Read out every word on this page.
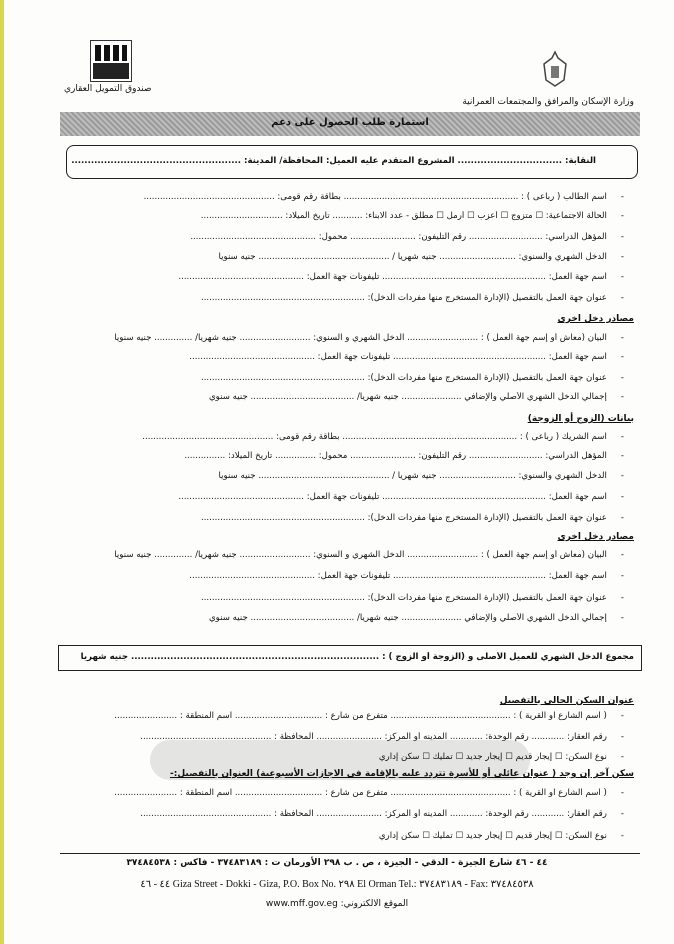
صندوق التمويل العقاري
وزارة الإسكان والمرافق والمجتمعات العمرانية
استمارة طلب الحصول على دعم
النقابة: ................................ المشروع المتقدم عليه العميل: المحافظة/ المدينة: ....................................................
- اسم الطالب ( رباعى ) : ................................................................ بطاقة رقم قومى: ................................................
- الحالة الاجتماعية: ☐ متزوج ☐ أعزب ☐ أرمل ☐ مطلق - عدد الابناء: ........... تاريخ الميلاد: ..............................
- المؤهل الدراسي: ........................... رقم التليفون: ........................ محمول: ..............................................
- الدخل الشهري والسنوي: ............................ جنيه شهرياً / ................................................ جنيه سنوياً
- اسم جهة العمل: ............................................................ تليفونات جهة العمل: ..............................................
- عنوان جهة العمل بالتفصيل (الإدارة المستخرج منها مفردات الدخل): ............................................................
مصادر دخل اخرى
- البيان (معاش أو إسم جهة العمل ) : .......................... الدخل الشهري و السنوي: .......................... جنيه شهرياً/ .............. جنيه سنوياً
- اسم جهة العمل: ........................................................ تليفونات جهة العمل: ..............................................
- عنوان جهة العمل بالتفصيل (الإدارة المستخرج منها مفردات الدخل): ............................................................
- إجمالي الدخل الشهري الأصلي والإضافي ...................... جنيه شهرياً/ ...................................... جنيه سنوي
بيانات (الزوج أو الزوجة)
- اسم الشريك ( رباعى ) : ................................................................ بطاقة رقم قومى: ................................................
- المؤهل الدراسي: ........................... رقم التليفون: ........................ محمول: ............... تاريخ الميلاد: ...............
- الدخل الشهري والسنوي: ............................ جنيه شهرياً / ................................................ جنيه سنوياً
- اسم جهة العمل: ............................................................ تليفونات جهة العمل: ..............................................
- عنوان جهة العمل بالتفصيل (الإدارة المستخرج منها مفردات الدخل): ............................................................
مصادر دخل اخرى
- البيان (معاش أو إسم جهة العمل ) : .......................... الدخل الشهري و السنوي: .......................... جنيه شهرياً/ .............. جنيه سنوياً
- اسم جهة العمل: ........................................................ تليفونات جهة العمل: ..............................................
- عنوان جهة العمل بالتفصيل (الإدارة المستخرج منها مفردات الدخل): ............................................................
- إجمالي الدخل الشهري الأصلي والإضافي ...................... جنيه شهرياً/ ...................................... جنيه سنوي
مجموع الدخل الشهري للعميل الأصلى و (الزوجة أو الزوج ) : ............................................................................ جنيه شهرياً
عنوان السكن الحالي بالتفصيل
- ( اسم الشارع او القرية ) : ............................................ متفرع من شارع : ................................ اسم المنطقة : .......................
- رقم العقار: ............ رقم الوحدة: ............ المدينه أو المركز: ........................ المحافظة : ................................................
- نوع السكن: ☐ إيجار قديم ☐ إيجار جديد ☐ تمليك ☐ سكن إداري
سكن آخر إن وجد ( عنوان عائلى أو للأسرة تتردد عليه بالإقامة فى الاجازات الأسبوعية) العنوان بالتفصيل:-
- ( اسم الشارع او القرية ) : ............................................ متفرع من شارع : ................................ اسم المنطقة : .......................
- رقم العقار: ............ رقم الوحدة: ............ المدينه أو المركز: ........................ المحافظة : ................................................
- نوع السكن: ☐ إيجار قديم ☐ إيجار جديد ☐ تمليك ☐ سكن إداري
٤٤ - ٤٦ شارع الجيزة - الدقي - الجيزة ، ص . ب ٢٩٨ الأورمان ت : ٣٧٤٨٣١٨٩ - فاكس : ٣٧٤٨٤٥٣٨
٤٤ - ٤٦ Giza Street - Dokki - Giza, P.O. Box No. ٢٩٨ El Orman Tel.: ٣٧٤٨٣١٨٩ - Fax: ٣٧٤٨٤٥٣٨
الموقع الالكتروني: www.mff.gov.eg
